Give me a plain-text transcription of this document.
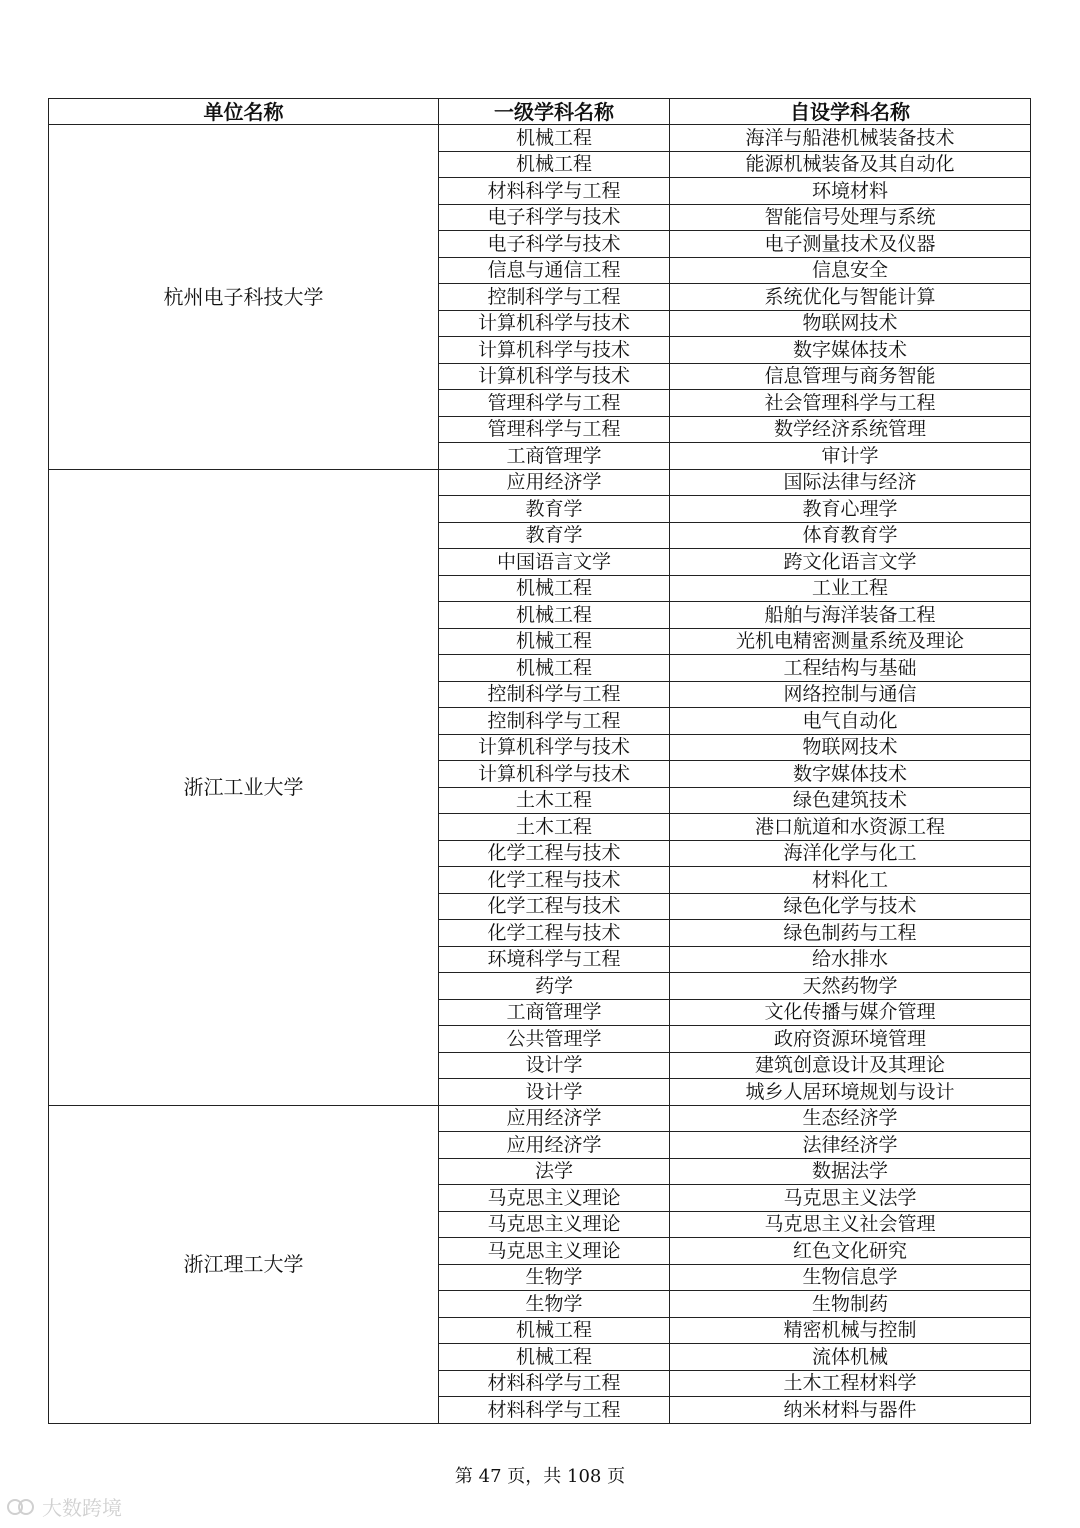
单位名称	一级学科名称	自设学科名称
杭州电子科技大学	机械工程	海洋与船港机械装备技术
	机械工程	能源机械装备及其自动化
	材料科学与工程	环境材料
	电子科学与技术	智能信号处理与系统
	电子科学与技术	电子测量技术及仪器
	信息与通信工程	信息安全
	控制科学与工程	系统优化与智能计算
	计算机科学与技术	物联网技术
	计算机科学与技术	数字媒体技术
	计算机科学与技术	信息管理与商务智能
	管理科学与工程	社会管理科学与工程
	管理科学与工程	数学经济系统管理
	工商管理学	审计学
浙江工业大学	应用经济学	国际法律与经济
	教育学	教育心理学
	教育学	体育教育学
	中国语言文学	跨文化语言文学
	机械工程	工业工程
	机械工程	船舶与海洋装备工程
	机械工程	光机电精密测量系统及理论
	机械工程	工程结构与基础
	控制科学与工程	网络控制与通信
	控制科学与工程	电气自动化
	计算机科学与技术	物联网技术
	计算机科学与技术	数字媒体技术
	土木工程	绿色建筑技术
	土木工程	港口航道和水资源工程
	化学工程与技术	海洋化学与化工
	化学工程与技术	材料化工
	化学工程与技术	绿色化学与技术
	化学工程与技术	绿色制药与工程
	环境科学与工程	给水排水
	药学	天然药物学
	工商管理学	文化传播与媒介管理
	公共管理学	政府资源环境管理
	设计学	建筑创意设计及其理论
	设计学	城乡人居环境规划与设计
浙江理工大学	应用经济学	生态经济学
	应用经济学	法律经济学
	法学	数据法学
	马克思主义理论	马克思主义法学
	马克思主义理论	马克思主义社会管理
	马克思主义理论	红色文化研究
	生物学	生物信息学
	生物学	生物制药
	机械工程	精密机械与控制
	机械工程	流体机械
	材料科学与工程	土木工程材料学
	材料科学与工程	纳米材料与器件
第 47 页，共 108 页
大数跨境
